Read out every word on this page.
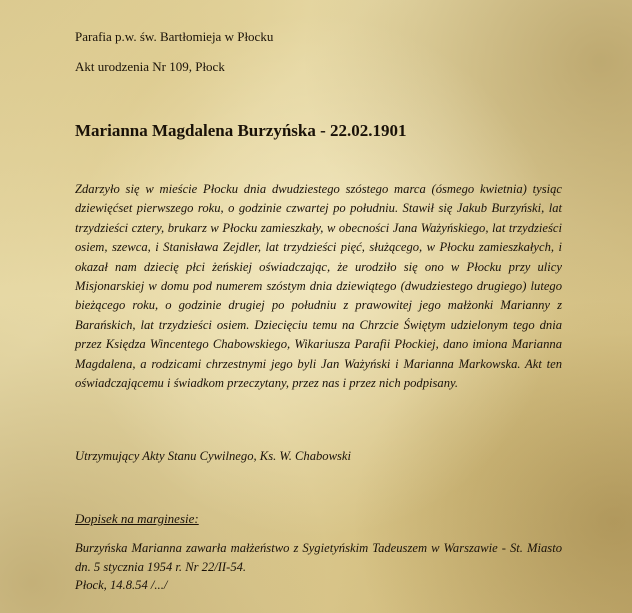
Parafia p.w. św. Bartłomieja w Płocku
Akt urodzenia Nr 109, Płock
Marianna Magdalena Burzyńska - 22.02.1901

Zdarzyło się w mieście Płocku dnia dwudziestego szóstego marca (ósmego kwietnia) tysiąc dziewięćset pierwszego roku, o godzinie czwartej po południu. Stawił się Jakub Burzyński, lat trzydzieści cztery, brukarz w Płocku zamieszkały, w obecności Jana Ważyńskiego, lat trzydzieści osiem, szewca, i Stanisława Zejdler, lat trzydzieści pięć, służącego, w Płocku zamieszkałych, i okazał nam dziecię płci żeńskiej oświadczając, że urodziło się ono w Płocku przy ulicy Misjonarskiej w domu pod numerem szóstym dnia dziewiątego (dwudziestego drugiego) lutego bieżącego roku, o godzinie drugiej po południu z prawowitej jego małżonki Marianny z Barańskich, lat trzydzieści osiem. Dziecięciu temu na Chrzcie Świętym udzielonym tego dnia przez Księdza Wincentego Chabowskiego, Wikariusza Parafii Płockiej, dano imiona Marianna Magdalena, a rodzicami chrzestnymi jego byli Jan Ważyński i Marianna Markowska. Akt ten oświadczającemu i świadkom przeczytany, przez nas i przez nich podpisany.

Utrzymujący Akty Stanu Cywilnego, Ks. W. Chabowski
Dopisek na marginesie:

Burzyńska Marianna zawarła małżeństwo z Sygietyńskim Tadeuszem w Warszawie - St. Miasto dn. 5 stycznia 1954 r. Nr 22/II-54.

Płock, 14.8.54 /.../
